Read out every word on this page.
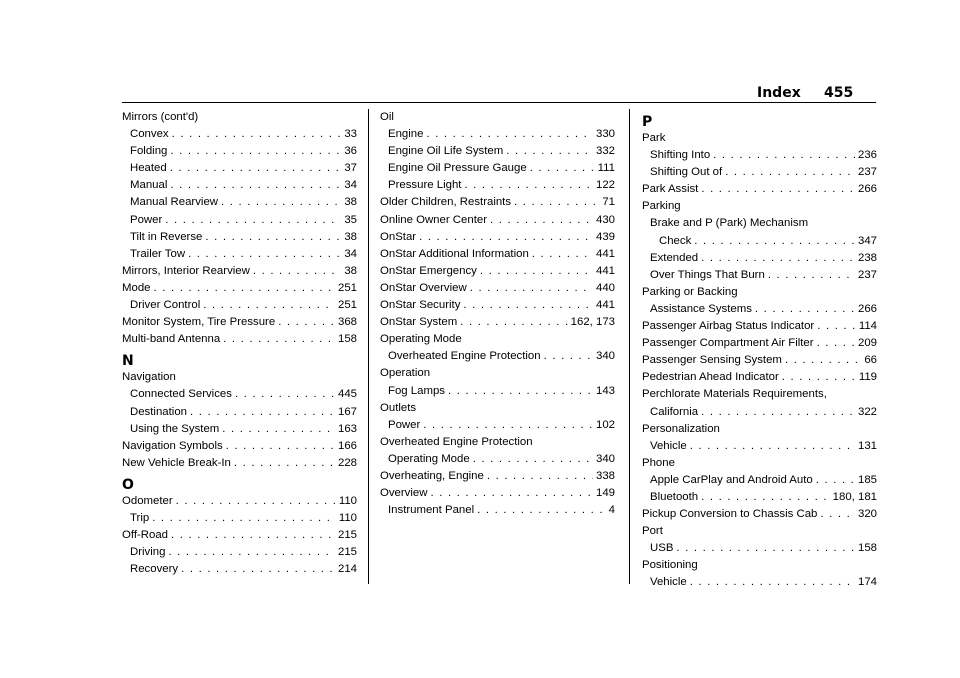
Index 455
Mirrors (cont'd)
Convex . . .	33
Folding . . .	36
Heated . . .	37
Manual . . .	34
Manual Rearview . . .	38
Power . . .	35
Tilt in Reverse . . .	38
Trailer Tow . . .	34
Mirrors, Interior Rearview . . .	38
Mode . . .	251
Driver Control . . .	251
Monitor System, Tire Pressure . . .	368
Multi-band Antenna . . .	158
N
Navigation
Connected Services . . .	445
Destination . . .	167
Using the System . . .	163
Navigation Symbols . . .	166
New Vehicle Break-In . . .	228
O
Odometer . . .	110
Trip . . .	110
Off-Road . . .	215
Driving . . .	215
Recovery . . .	214
Oil
Engine . . .	330
Engine Oil Life System . . .	332
Engine Oil Pressure Gauge . . .	111
Pressure Light . . .	122
Older Children, Restraints . . .	71
Online Owner Center . . .	430
OnStar . . .	439
OnStar Additional Information . . .	441
OnStar Emergency . . .	441
OnStar Overview . . .	440
OnStar Security . . .	441
OnStar System . . .	162, 173
Operating Mode
Overheated Engine Protection . . .	340
Operation
Fog Lamps . . .	143
Outlets
Power . . .	102
Overheated Engine Protection
Operating Mode . . .	340
Overheating, Engine . . .	338
Overview . . .	149
Instrument Panel . . .	4
P
Park
Shifting Into . . .	236
Shifting Out of . . .	237
Park Assist . . .	266
Parking
Brake and P (Park) Mechanism
Check . . .	347
Extended . . .	238
Over Things That Burn . . .	237
Parking or Backing
Assistance Systems . . .	266
Passenger Airbag Status Indicator . . .	114
Passenger Compartment Air Filter . . .	209
Passenger Sensing System . . .	66
Pedestrian Ahead Indicator . . .	119
Perchlorate Materials Requirements,
California . . .	322
Personalization
Vehicle . . .	131
Phone
Apple CarPlay and Android Auto . . .	185
Bluetooth . . .	180, 181
Pickup Conversion to Chassis Cab . . .	320
Port
USB . . .	158
Positioning
Vehicle . . .	174
